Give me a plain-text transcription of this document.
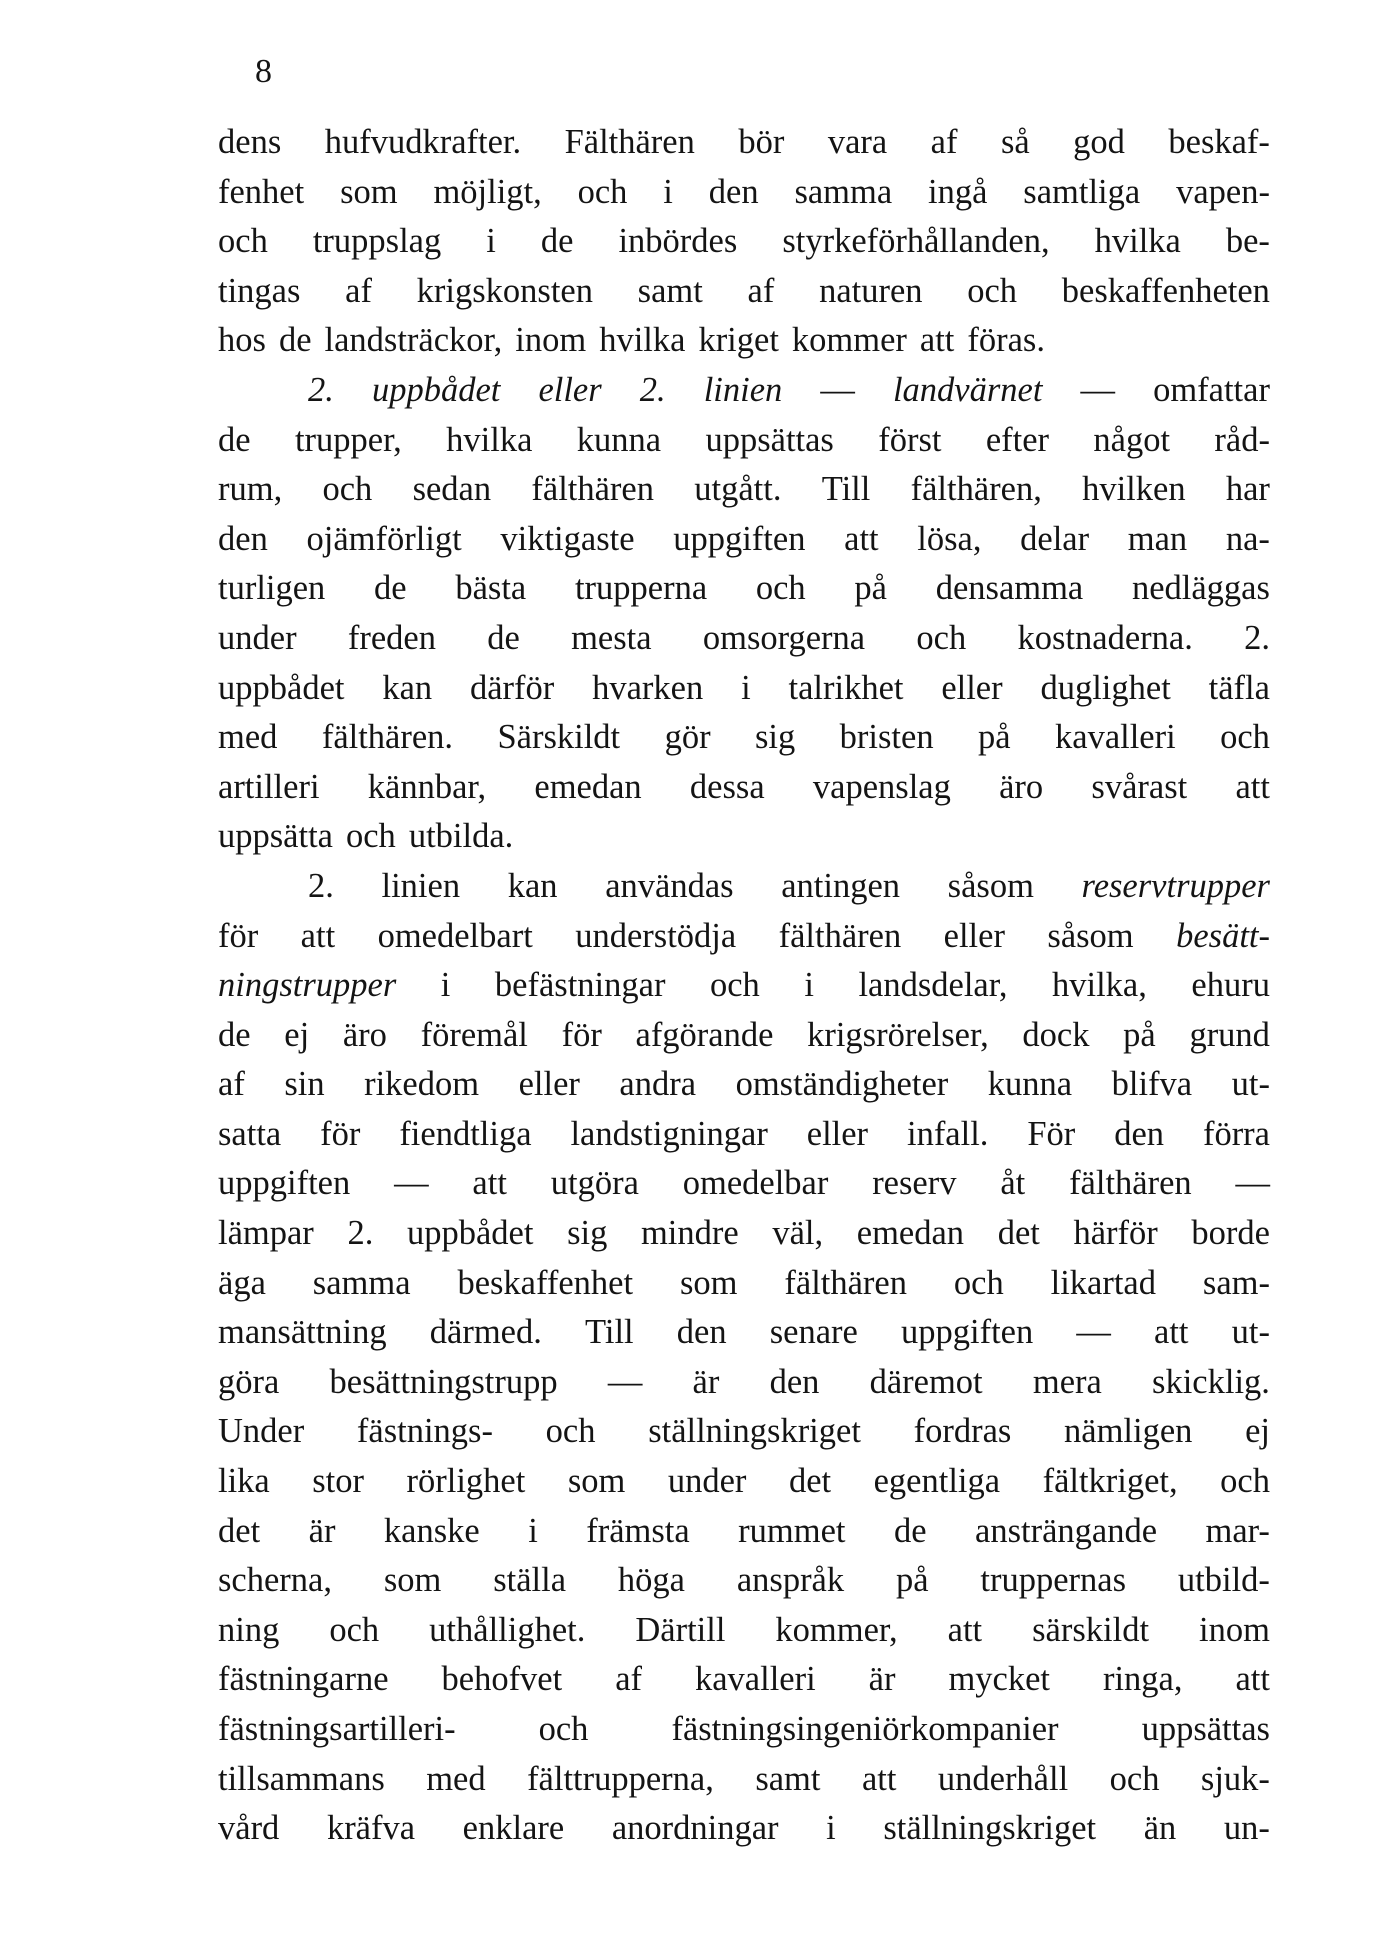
8
dens hufvudkrafter. Fälthären bör vara af så god beskaf-
fenhet som möjligt, och i den samma ingå samtliga vapen-
och truppslag i de inbördes styrkeförhållanden, hvilka be-
tingas af krigskonsten samt af naturen och beskaffenheten
hos de landsträckor, inom hvilka kriget kommer att föras.
2. uppbådet eller 2. linien — landvärnet — omfattar
de trupper, hvilka kunna uppsättas först efter något råd-
rum, och sedan fälthären utgått. Till fälthären, hvilken har
den ojämförligt viktigaste uppgiften att lösa, delar man na-
turligen de bästa trupperna och på densamma nedläggas
under freden de mesta omsorgerna och kostnaderna. 2.
uppbådet kan därför hvarken i talrikhet eller duglighet täfla
med fälthären. Särskildt gör sig bristen på kavalleri och
artilleri kännbar, emedan dessa vapenslag äro svårast att
uppsätta och utbilda.
2. linien kan användas antingen såsom reservtrupper
för att omedelbart understödja fälthären eller såsom besätt-
ningstrupper i befästningar och i landsdelar, hvilka, ehuru
de ej äro föremål för afgörande krigsrörelser, dock på grund
af sin rikedom eller andra omständigheter kunna blifva ut-
satta för fiendtliga landstigningar eller infall. För den förra
uppgiften — att utgöra omedelbar reserv åt fälthären —
lämpar 2. uppbådet sig mindre väl, emedan det härför borde
äga samma beskaffenhet som fälthären och likartad sam-
mansättning därmed. Till den senare uppgiften — att ut-
göra besättningstrupp — är den däremot mera skicklig.
Under fästnings- och ställningskriget fordras nämligen ej
lika stor rörlighet som under det egentliga fältkriget, och
det är kanske i främsta rummet de ansträngande mar-
scherna, som ställa höga anspråk på truppernas utbild-
ning och uthållighet. Därtill kommer, att särskildt inom
fästningarne behofvet af kavalleri är mycket ringa, att
fästningsartilleri- och fästningsingeniörkompanier uppsättas
tillsammans med fälttrupperna, samt att underhåll och sjuk-
vård kräfva enklare anordningar i ställningskriget än un-
